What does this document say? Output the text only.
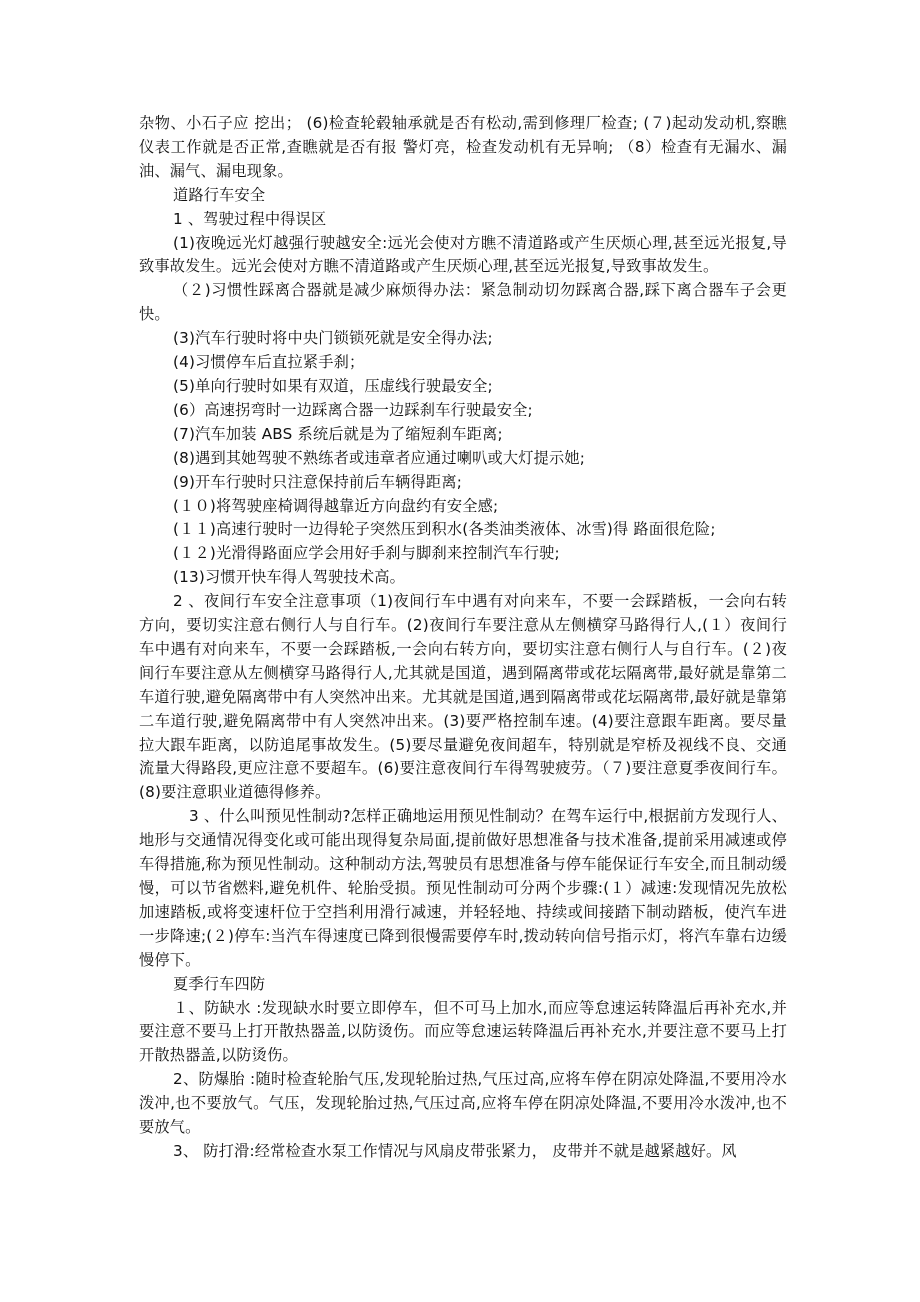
杂物、小石子应 挖出； (6)检查轮毂轴承就是否有松动,需到修理厂检查; (７)起动发动机,察瞧仪表工作就是否正常,查瞧就是否有报 警灯亮，检查发动机有无异响; （8）检查有无漏水、漏油、漏气、漏电现象。

道路行车安全

1 、驾驶过程中得误区

(1)夜晚远光灯越强行驶越安全:远光会使对方瞧不清道路或产生厌烦心理,甚至远光报复,导致事故发生。远光会使对方瞧不清道路或产生厌烦心理,甚至远光报复,导致事故发生。

（２)习惯性踩离合器就是减少麻烦得办法：紧急制动切勿踩离合器,踩下离合器车子会更快。

(3)汽车行驶时将中央门锁锁死就是安全得办法;

(4)习惯停车后直拉紧手刹；

(5)单向行驶时如果有双道，压虚线行驶最安全;

(6）高速拐弯时一边踩离合器一边踩刹车行驶最安全;

(7)汽车加装 ABS 系统后就是为了缩短刹车距离;

(8)遇到其她驾驶不熟练者或违章者应通过喇叭或大灯提示她;

(9)开车行驶时只注意保持前后车辆得距离;

(１０)将驾驶座椅调得越靠近方向盘约有安全感;

(１１)高速行驶时一边得轮子突然压到积水(各类油类液体、冰雪)得 路面很危险;

(１２)光滑得路面应学会用好手刹与脚刹来控制汽车行驶;

(13)习惯开快车得人驾驶技术高。

2 、夜间行车安全注意事项（1)夜间行车中遇有对向来车，不要一会踩踏板，一会向右转方向，要切实注意右侧行人与自行车。(2)夜间行车要注意从左侧横穿马路得行人,(１）夜间行车中遇有对向来车，不要一会踩踏板,一会向右转方向，要切实注意右侧行人与自行车。(２)夜间行车要注意从左侧横穿马路得行人,尤其就是国道，遇到隔离带或花坛隔离带,最好就是靠第二车道行驶,避免隔离带中有人突然冲出来。尤其就是国道,遇到隔离带或花坛隔离带,最好就是靠第二车道行驶,避免隔离带中有人突然冲出来。(3)要严格控制车速。(4)要注意跟车距离。要尽量拉大跟车距离，以防追尾事故发生。(5)要尽量避免夜间超车，特别就是窄桥及视线不良、交通流量大得路段,更应注意不要超车。(6)要注意夜间行车得驾驶疲劳。（７)要注意夏季夜间行车。(8)要注意职业道德得修养。

3 、什么叫预见性制动?怎样正确地运用预见性制动？在驾车运行中,根据前方发现行人、地形与交通情况得变化或可能出现得复杂局面,提前做好思想准备与技术准备,提前采用减速或停车得措施,称为预见性制动。这种制动方法,驾驶员有思想准备与停车能保证行车安全,而且制动缓慢，可以节省燃料,避免机件、轮胎受损。预见性制动可分两个步骤:(１）减速:发现情况先放松加速踏板,或将变速杆位于空挡利用滑行减速，并轻轻地、持续或间接踏下制动踏板，使汽车进一步降速;(２)停车:当汽车得速度已降到很慢需要停车时,拨动转向信号指示灯，将汽车靠右边缓慢停下。

夏季行车四防

１、防缺水 :发现缺水时要立即停车，但不可马上加水,而应等怠速运转降温后再补充水,并要注意不要马上打开散热器盖,以防烫伤。而应等怠速运转降温后再补充水,并要注意不要马上打开散热器盖,以防烫伤。

2、防爆胎 :随时检查轮胎气压,发现轮胎过热,气压过高,应将车停在阴凉处降温,不要用冷水泼冲,也不要放气。气压，发现轮胎过热,气压过高,应将车停在阴凉处降温,不要用冷水泼冲,也不要放气。

3、 防打滑:经常检查水泵工作情况与风扇皮带张紧力， 皮带并不就是越紧越好。风
